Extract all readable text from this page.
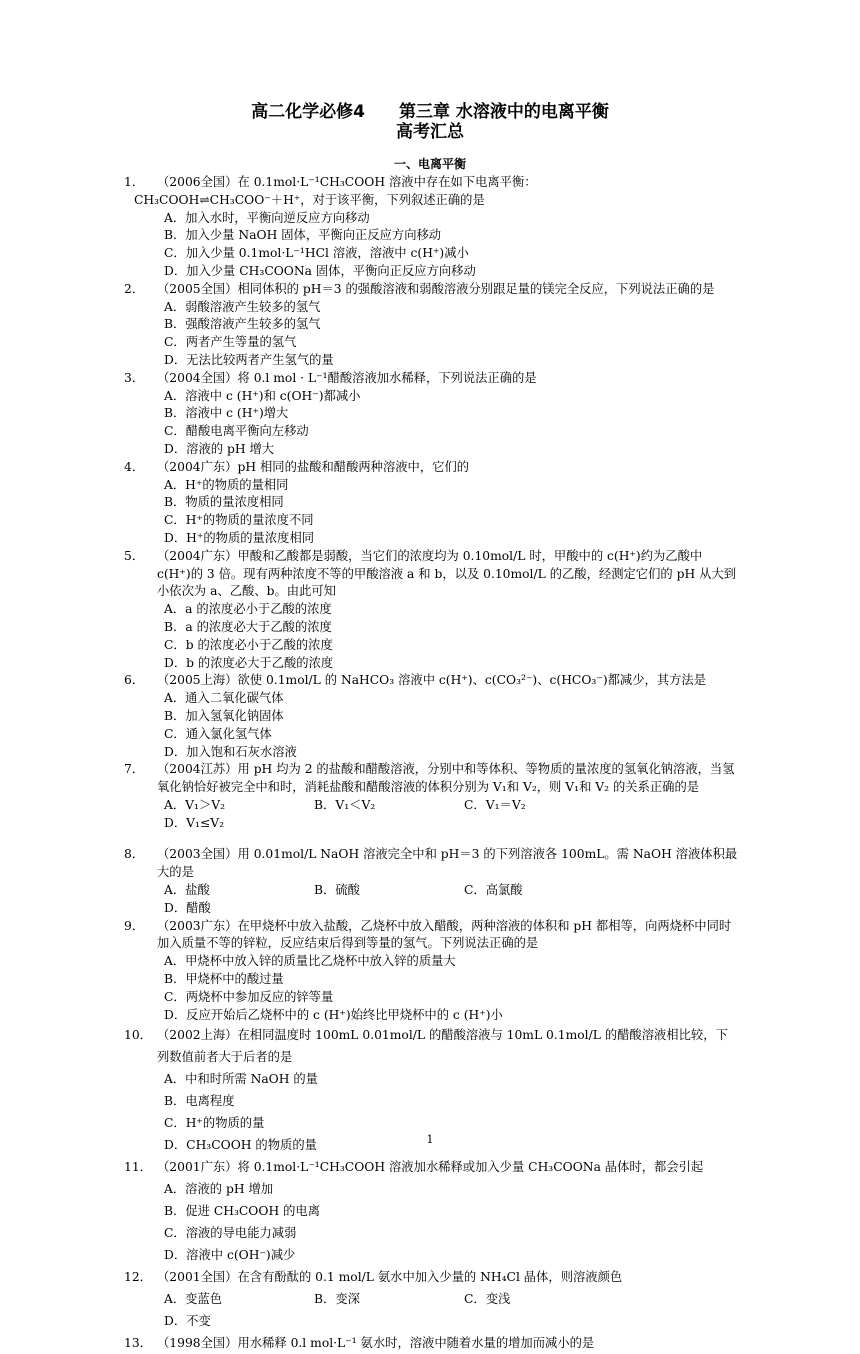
高二化学必修4　　第三章 水溶液中的电离平衡
高考汇总
一、电离平衡
1． （2006全国）在 0.1mol·L⁻¹CH₃COOH 溶液中存在如下电离平衡：
CH₃COOH⇌CH₃COO⁻＋H⁺，对于该平衡，下列叙述正确的是
A．加入水时，平衡向逆反应方向移动
B．加入少量 NaOH 固体，平衡向正反应方向移动
C．加入少量 0.1mol·L⁻¹HCl 溶液，溶液中 c(H⁺)减小
D．加入少量 CH₃COONa 固体，平衡向正反应方向移动
2． （2005全国）相同体积的 pH＝3 的强酸溶液和弱酸溶液分别跟足量的镁完全反应，下列说法正确的是
A．弱酸溶液产生较多的氢气
B．强酸溶液产生较多的氢气
C．两者产生等量的氢气
D．无法比较两者产生氢气的量
3． （2004全国）将 0.l mol · L⁻¹醋酸溶液加水稀释，下列说法正确的是
A．溶液中 c (H⁺)和 c(OH⁻)都减小
B．溶液中 c (H⁺)增大
C．醋酸电离平衡向左移动
D．溶液的 pH 增大
4． （2004广东）pH 相同的盐酸和醋酸两种溶液中，它们的
A．H⁺的物质的量相同
B．物质的量浓度相同
C．H⁺的物质的量浓度不同
D．H⁺的物质的量浓度相同
5． （2004广东）甲酸和乙酸都是弱酸，当它们的浓度均为 0.10mol/L 时，甲酸中的 c(H⁺)约为乙酸中 c(H⁺)的 3 倍。现有两种浓度不等的甲酸溶液 a 和 b，以及 0.10mol/L 的乙酸，经测定它们的 pH 从大到小依次为 a、乙酸、b。由此可知
A．a 的浓度必小于乙酸的浓度
B．a 的浓度必大于乙酸的浓度
C．b 的浓度必小于乙酸的浓度
D．b 的浓度必大于乙酸的浓度
6． （2005上海）欲使 0.1mol/L 的 NaHCO₃ 溶液中 c(H⁺)、c(CO₃²⁻)、c(HCO₃⁻)都减少，其方法是
A．通入二氧化碳气体
B．加入氢氧化钠固体
C．通入氯化氢气体
D．加入饱和石灰水溶液
7． （2004江苏）用 pH 均为 2 的盐酸和醋酸溶液，分别中和等体积、等物质的量浓度的氢氧化钠溶液，当氢氧化钠恰好被完全中和时，消耗盐酸和醋酸溶液的体积分别为 V₁和 V₂，则 V₁和 V₂ 的关系正确的是
A．V₁＞V₂	B．V₁＜V₂	C．V₁＝V₂
D．V₁≤V₂
8． （2003全国）用 0.01mol/L NaOH 溶液完全中和 pH＝3 的下列溶液各 100mL。需 NaOH 溶液体积最大的是
A．盐酸	B．硫酸	C．高氯酸
D．醋酸
9． （2003广东）在甲烧杯中放入盐酸，乙烧杯中放入醋酸，两种溶液的体积和 pH 都相等，向两烧杯中同时加入质量不等的锌粒，反应结束后得到等量的氢气。下列说法正确的是
A．甲烧杯中放入锌的质量比乙烧杯中放入锌的质量大
B．甲烧杯中的酸过量
C．两烧杯中参加反应的锌等量
D．反应开始后乙烧杯中的 c (H⁺)始终比甲烧杯中的 c (H⁺)小
10． （2002上海）在相同温度时 100mL 0.01mol/L 的醋酸溶液与 10mL 0.1mol/L 的醋酸溶液相比较，下列数值前者大于后者的是
A．中和时所需 NaOH 的量
B．电离程度
C．H⁺的物质的量
D．CH₃COOH 的物质的量
11． （2001广东）将 0.1mol·L⁻¹CH₃COOH 溶液加水稀释或加入少量 CH₃COONa 晶体时，都会引起
A．溶液的 pH 增加
B．促进 CH₃COOH 的电离
C．溶液的导电能力减弱
D．溶液中 c(OH⁻)减少
12． （2001全国）在含有酚酞的 0.1 mol/L 氨水中加入少量的 NH₄Cl 晶体，则溶液颜色
A．变蓝色	B．变深	C．变浅
D．不变
13． （1998全国）用水稀释 0.l mol·L⁻¹ 氨水时，溶液中随着水量的增加而减小的是
1
